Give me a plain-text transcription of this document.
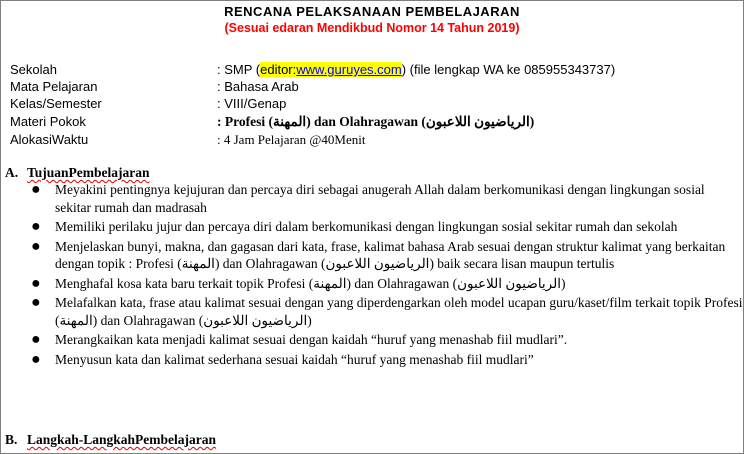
RENCANA PELAKSANAAN PEMBELAJARAN
(Sesuai edaran Mendikbud Nomor 14 Tahun 2019)
Sekolah	: SMP (editor:www.guruyes.com) (file lengkap WA ke 085955343737)
Mata Pelajaran	: Bahasa Arab
Kelas/Semester	: VIII/Genap
Materi Pokok	: Profesi (المهنة) dan Olahragawan (الرياضيون اللاعبون)
AlokasiWaktu	: 4 Jam Pelajaran @40Menit
A. TujuanPembelajaran
● Meyakini pentingnya kejujuran dan percaya diri sebagai anugerah Allah dalam berkomunikasi dengan lingkungan sosial sekitar rumah dan madrasah
● Memiliki perilaku jujur dan percaya diri dalam berkomunikasi dengan lingkungan sosial sekitar rumah dan sekolah
● Menjelaskan bunyi, makna, dan gagasan dari kata, frase, kalimat bahasa Arab sesuai dengan struktur kalimat yang berkaitan dengan topik : Profesi (المهنة) dan Olahragawan (الرياضيون اللاعبون) baik secara lisan maupun tertulis
● Menghafal kosa kata baru terkait topik Profesi (المهنة) dan Olahragawan (الرياضيون اللاعبون)
● Melafalkan kata, frase atau kalimat sesuai dengan yang diperdengarkan oleh model ucapan guru/kaset/film terkait topik Profesi (المهنة) dan Olahragawan (الرياضيون اللاعبون)
● Merangkaikan kata menjadi kalimat sesuai dengan kaidah “huruf yang menashab fiil mudlari”.
● Menyusun kata dan kalimat sederhana sesuai kaidah “huruf yang menashab fiil mudlari”
B. Langkah-LangkahPembelajaran
